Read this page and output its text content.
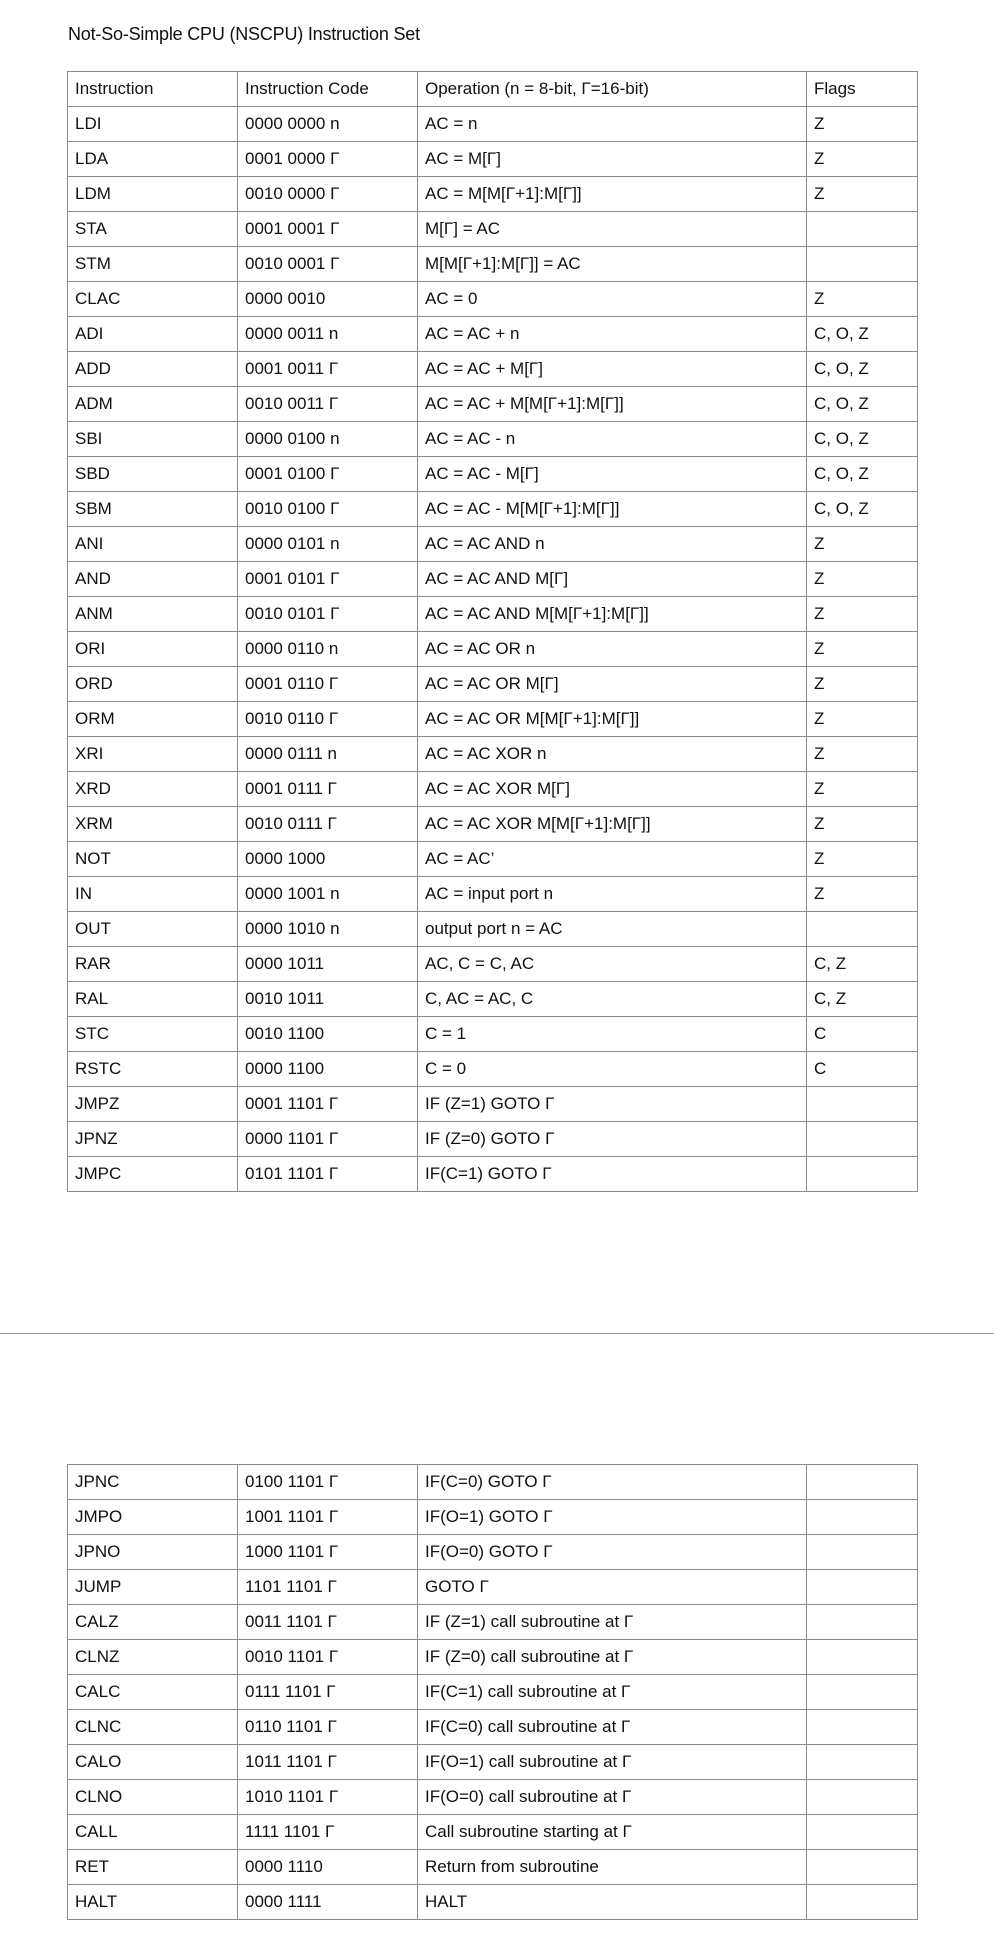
Not-So-Simple CPU (NSCPU) Instruction Set
Instruction	Instruction Code	Operation (n = 8-bit, Γ=16-bit)	Flags
LDI	0000 0000 n	AC = n	Z
LDA	0001 0000 Γ	AC = M[Γ]	Z
LDM	0010 0000 Γ	AC = M[M[Γ+1]:M[Γ]]	Z
STA	0001 0001 Γ	M[Γ] = AC	
STM	0010 0001 Γ	M[M[Γ+1]:M[Γ]] = AC	
CLAC	0000 0010	AC = 0	Z
ADI	0000 0011 n	AC = AC + n	C, O, Z
ADD	0001 0011 Γ	AC = AC + M[Γ]	C, O, Z
ADM	0010 0011 Γ	AC = AC + M[M[Γ+1]:M[Γ]]	C, O, Z
SBI	0000 0100 n	AC = AC - n	C, O, Z
SBD	0001 0100 Γ	AC = AC - M[Γ]	C, O, Z
SBM	0010 0100 Γ	AC = AC - M[M[Γ+1]:M[Γ]]	C, O, Z
ANI	0000 0101 n	AC = AC AND n	Z
AND	0001 0101 Γ	AC = AC AND M[Γ]	Z
ANM	0010 0101 Γ	AC = AC AND M[M[Γ+1]:M[Γ]]	Z
ORI	0000 0110 n	AC = AC OR n	Z
ORD	0001 0110 Γ	AC = AC OR M[Γ]	Z
ORM	0010 0110 Γ	AC = AC OR M[M[Γ+1]:M[Γ]]	Z
XRI	0000 0111 n	AC = AC XOR n	Z
XRD	0001 0111 Γ	AC = AC XOR M[Γ]	Z
XRM	0010 0111 Γ	AC = AC XOR M[M[Γ+1]:M[Γ]]	Z
NOT	0000 1000	AC = AC’	Z
IN	0000 1001 n	AC = input port n	Z
OUT	0000 1010 n	output port n = AC	
RAR	0000 1011	AC, C = C, AC	C, Z
RAL	0010 1011	C, AC = AC, C	C, Z
STC	0010 1100	C = 1	C
RSTC	0000 1100	C = 0	C
JMPZ	0001 1101 Γ	IF (Z=1) GOTO Γ	
JPNZ	0000 1101 Γ	IF (Z=0) GOTO Γ	
JMPC	0101 1101 Γ	IF(C=1) GOTO Γ	
JPNC	0100 1101 Γ	IF(C=0) GOTO Γ	
JMPO	1001 1101 Γ	IF(O=1) GOTO Γ	
JPNO	1000 1101 Γ	IF(O=0) GOTO Γ	
JUMP	1101 1101 Γ	GOTO Γ	
CALZ	0011 1101 Γ	IF (Z=1) call subroutine at Γ	
CLNZ	0010 1101 Γ	IF (Z=0) call subroutine at Γ	
CALC	0111 1101 Γ	IF(C=1) call subroutine at Γ	
CLNC	0110 1101 Γ	IF(C=0) call subroutine at Γ	
CALO	1011 1101 Γ	IF(O=1) call subroutine at Γ	
CLNO	1010 1101 Γ	IF(O=0) call subroutine at Γ	
CALL	1111 1101 Γ	Call subroutine starting at Γ	
RET	0000 1110	Return from subroutine	
HALT	0000 1111	HALT	
